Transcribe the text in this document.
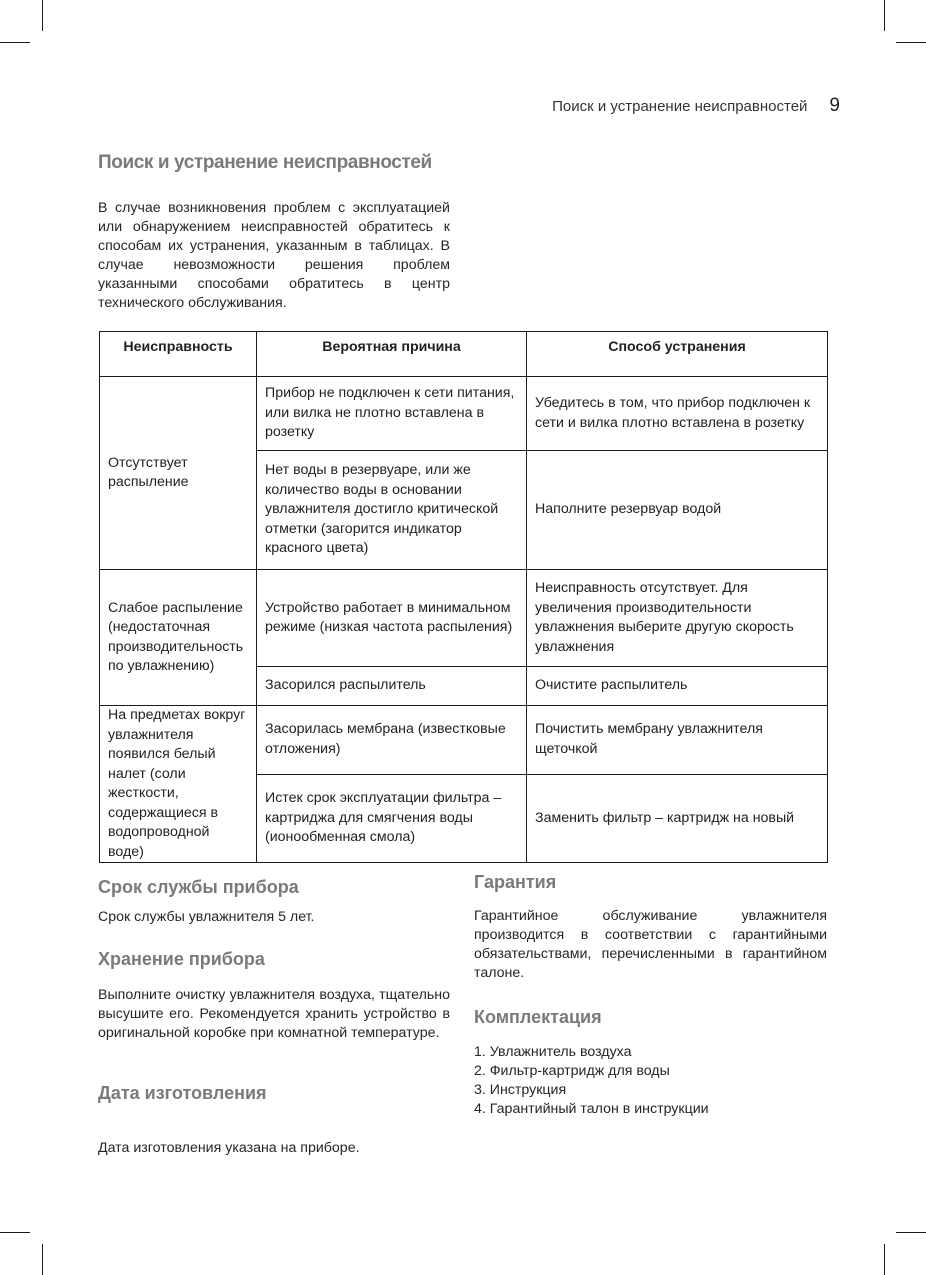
Поиск и устранение неисправностей 9
Поиск и устранение неисправностей

В случае возникновения проблем с эксплуатацией или обнаружением неисправностей обратитесь к способам их устранения, указанным в таблицах. В случае невозможности решения проблем указанными способами обратитесь в центр технического обслуживания.

Неисправность	Вероятная причина	Способ устранения
Отсутствует распыление	Прибор не подключен к сети питания, или вилка не плотно вставлена в розетку	Убедитесь в том, что прибор подключен к сети и вилка плотно вставлена в розетку
	Нет воды в резервуаре, или же количество воды в основании увлажнителя достигло критической отметки (загорится индикатор красного цвета)	Наполните резервуар водой
Слабое распыление (недостаточная производительность по увлажнению)	Устройство работает в минимальном режиме (низкая частота распыления)	Неисправность отсутствует. Для увеличения производительности увлажнения выберите другую скорость увлажнения
	Засорился распылитель	Очистите распылитель
На предметах вокруг увлажнителя появился белый налет (соли жесткости, содержащиеся в водопроводной воде)	Засорилась мембрана (известковые отложения)	Почистить мембрану увлажнителя щеточкой
	Истек срок эксплуатации фильтра – картриджа для смягчения воды (ионообменная смола)	Заменить фильтр – картридж на новый
Срок службы прибора

Срок службы увлажнителя 5 лет.

Хранение прибора

Выполните очистку увлажнителя воздуха, тщательно высушите его. Рекомендуется хранить устройство в оригинальной коробке при комнатной температуре.

Дата изготовления

Дата изготовления указана на приборе.

Гарантия

Гарантийное обслуживание увлажнителя производится в соответствии с гарантийными обязательствами, перечисленными в гарантийном талоне.

Комплектация
1. Увлажнитель воздуха
2. Фильтр-картридж для воды
3. Инструкция
4. Гарантийный талон в инструкции
